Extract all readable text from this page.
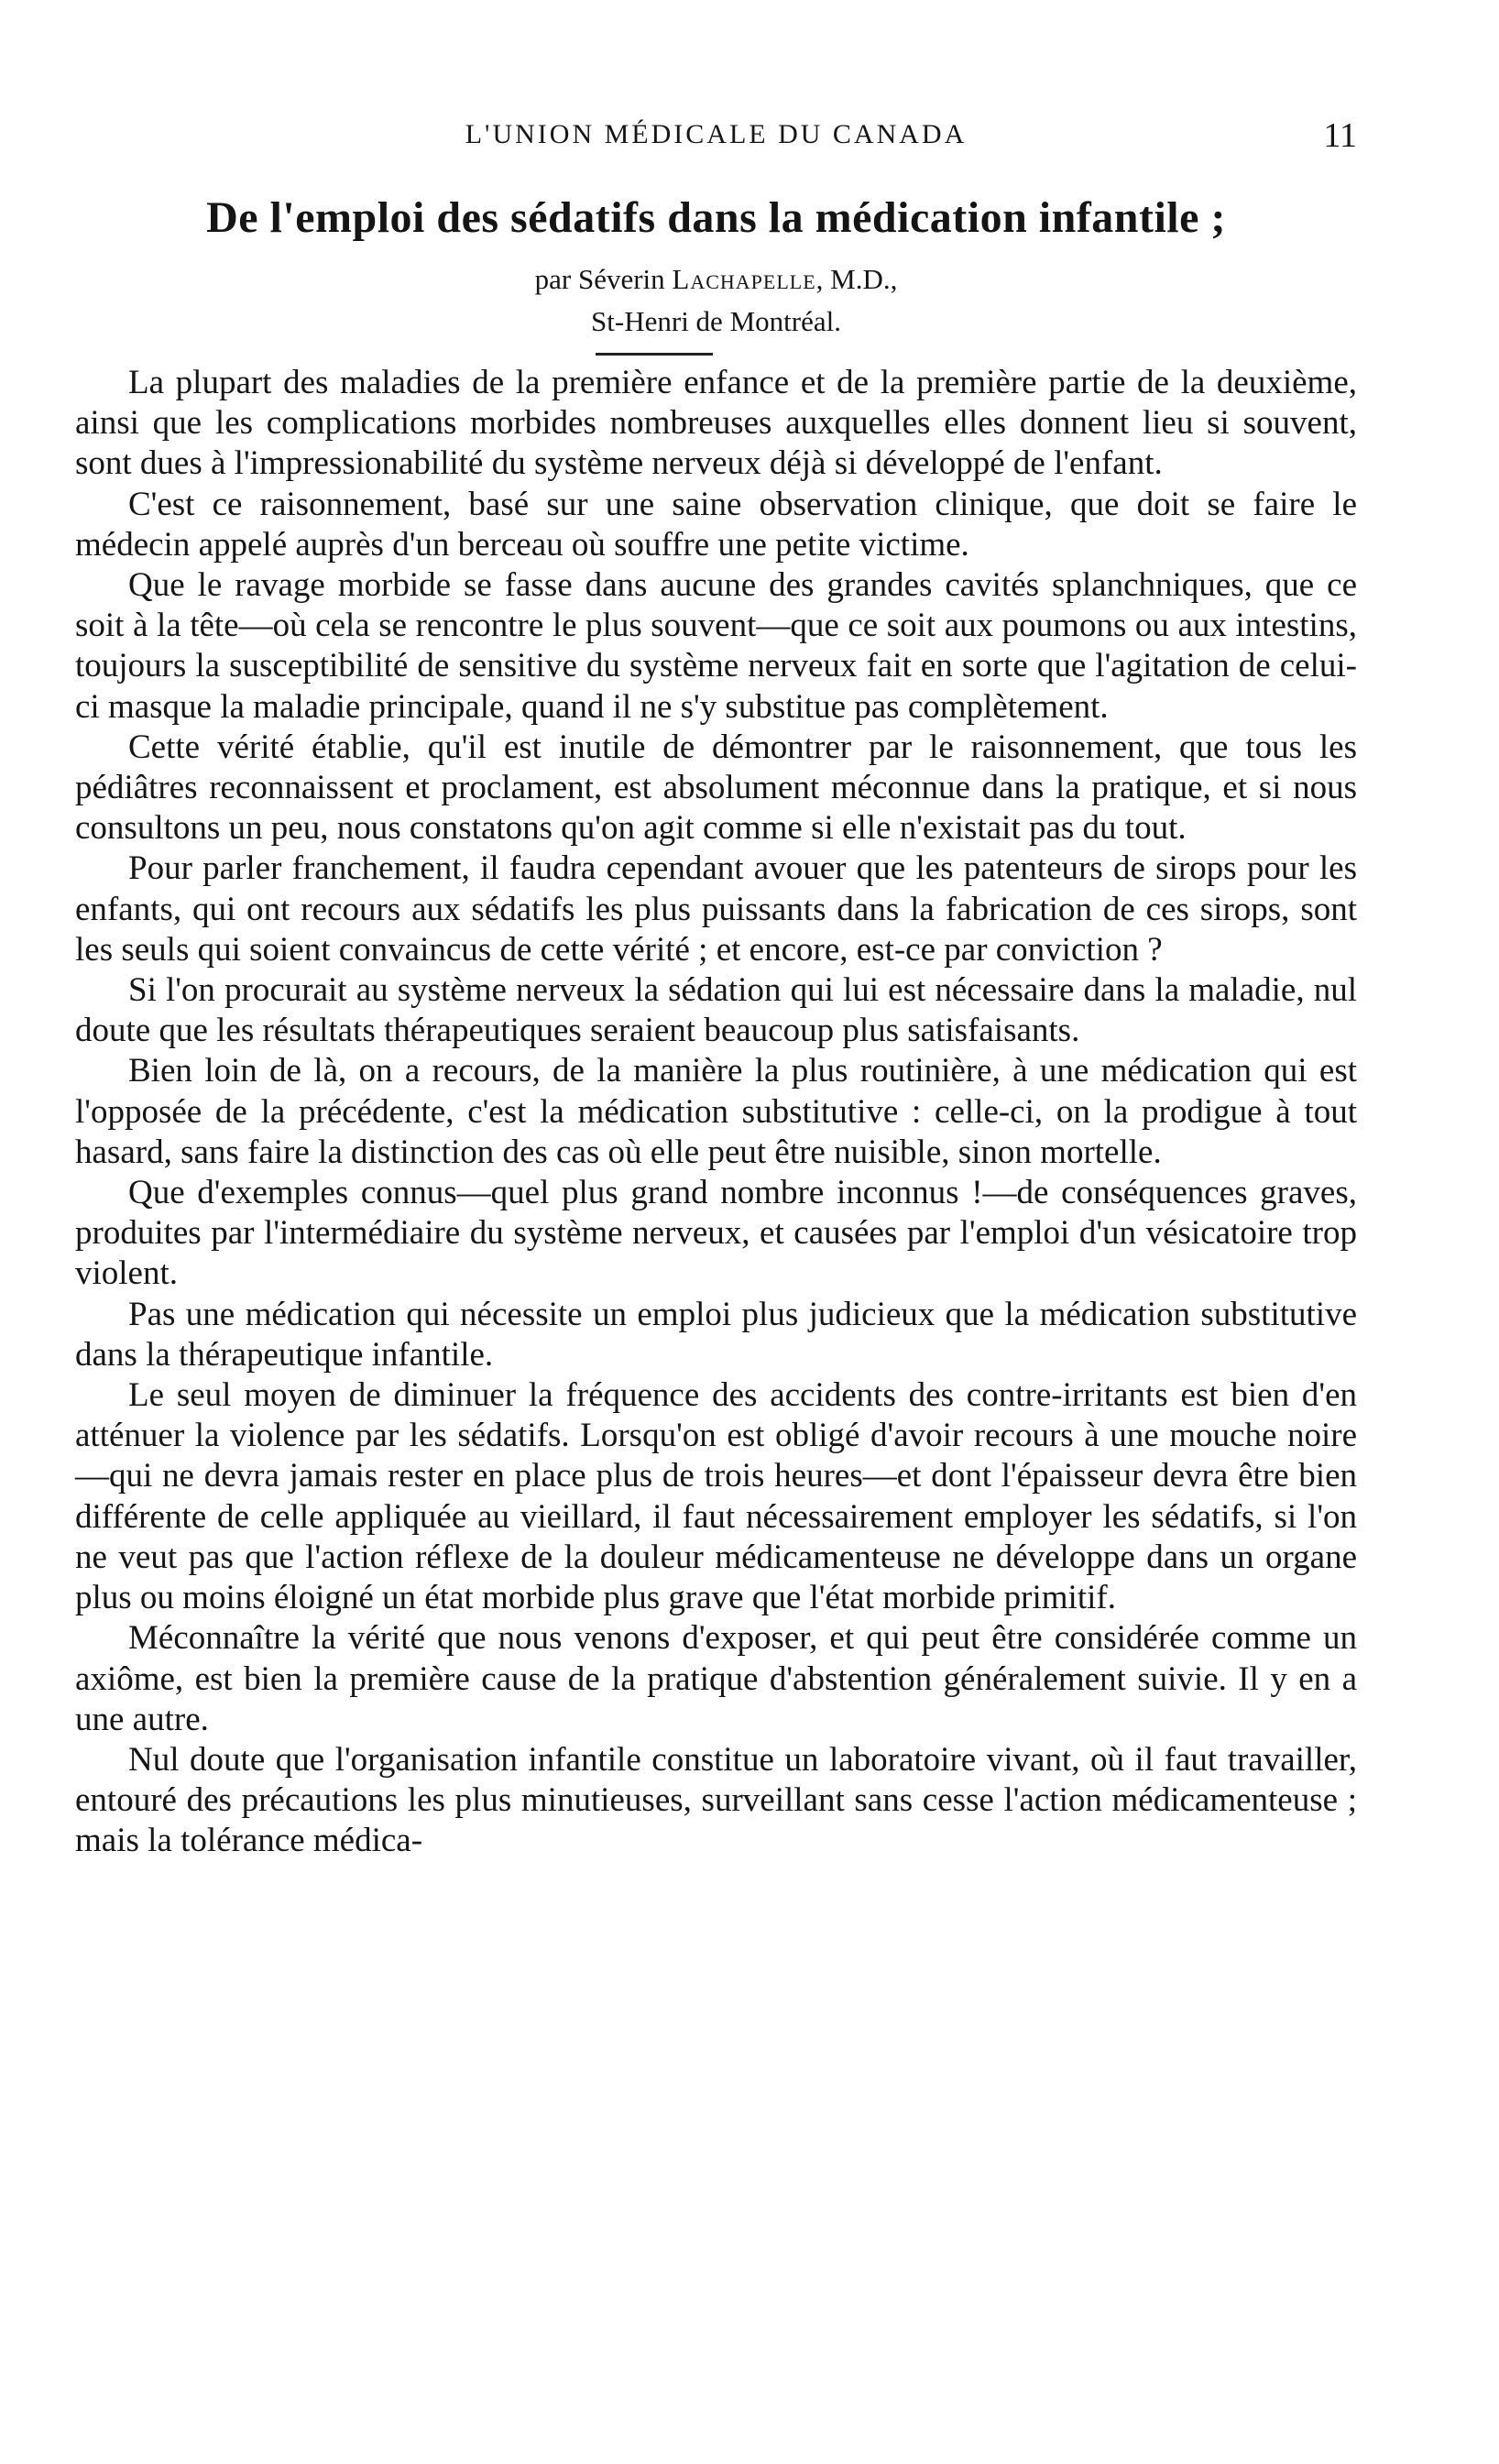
L'UNION MÉDICALE DU CANADA	11
De l'emploi des sédatifs dans la médication infantile ;
par Séverin Lachapelle, M.D.,
St-Henri de Montréal.

La plupart des maladies de la première enfance et de la première partie de la deuxième, ainsi que les complications morbides nombreuses auxquelles elles donnent lieu si souvent, sont dues à l'impressionabilité du système nerveux déjà si développé de l'enfant.

C'est ce raisonnement, basé sur une saine observation clinique, que doit se faire le médecin appelé auprès d'un berceau où souffre une petite victime.

Que le ravage morbide se fasse dans aucune des grandes cavités splanchniques, que ce soit à la tête—où cela se rencontre le plus souvent—que ce soit aux poumons ou aux intestins, toujours la susceptibilité de sensitive du système nerveux fait en sorte que l'agitation de celui-ci masque la maladie principale, quand il ne s'y substitue pas complètement.

Cette vérité établie, qu'il est inutile de démontrer par le raisonnement, que tous les pédiâtres reconnaissent et proclament, est absolument méconnue dans la pratique, et si nous consultons un peu, nous constatons qu'on agit comme si elle n'existait pas du tout.

Pour parler franchement, il faudra cependant avouer que les patenteurs de sirops pour les enfants, qui ont recours aux sédatifs les plus puissants dans la fabrication de ces sirops, sont les seuls qui soient convaincus de cette vérité ; et encore, est-ce par conviction ?

Si l'on procurait au système nerveux la sédation qui lui est nécessaire dans la maladie, nul doute que les résultats thérapeutiques seraient beaucoup plus satisfaisants.

Bien loin de là, on a recours, de la manière la plus routinière, à une médication qui est l'opposée de la précédente, c'est la médication substitutive : celle-ci, on la prodigue à tout hasard, sans faire la distinction des cas où elle peut être nuisible, sinon mortelle.

Que d'exemples connus—quel plus grand nombre inconnus !—de conséquences graves, produites par l'intermédiaire du système nerveux, et causées par l'emploi d'un vésicatoire trop violent.

Pas une médication qui nécessite un emploi plus judicieux que la médication substitutive dans la thérapeutique infantile.

Le seul moyen de diminuer la fréquence des accidents des contre-irritants est bien d'en atténuer la violence par les sédatifs. Lorsqu'on est obligé d'avoir recours à une mouche noire—qui ne devra jamais rester en place plus de trois heures—et dont l'épaisseur devra être bien différente de celle appliquée au vieillard, il faut nécessairement employer les sédatifs, si l'on ne veut pas que l'action réflexe de la douleur médicamenteuse ne développe dans un organe plus ou moins éloigné un état morbide plus grave que l'état morbide primitif.

Méconnaître la vérité que nous venons d'exposer, et qui peut être considérée comme un axiôme, est bien la première cause de la pratique d'abstention généralement suivie. Il y en a une autre.

Nul doute que l'organisation infantile constitue un laboratoire vivant, où il faut travailler, entouré des précautions les plus minutieuses, surveillant sans cesse l'action médicamenteuse ; mais la tolérance médica-
